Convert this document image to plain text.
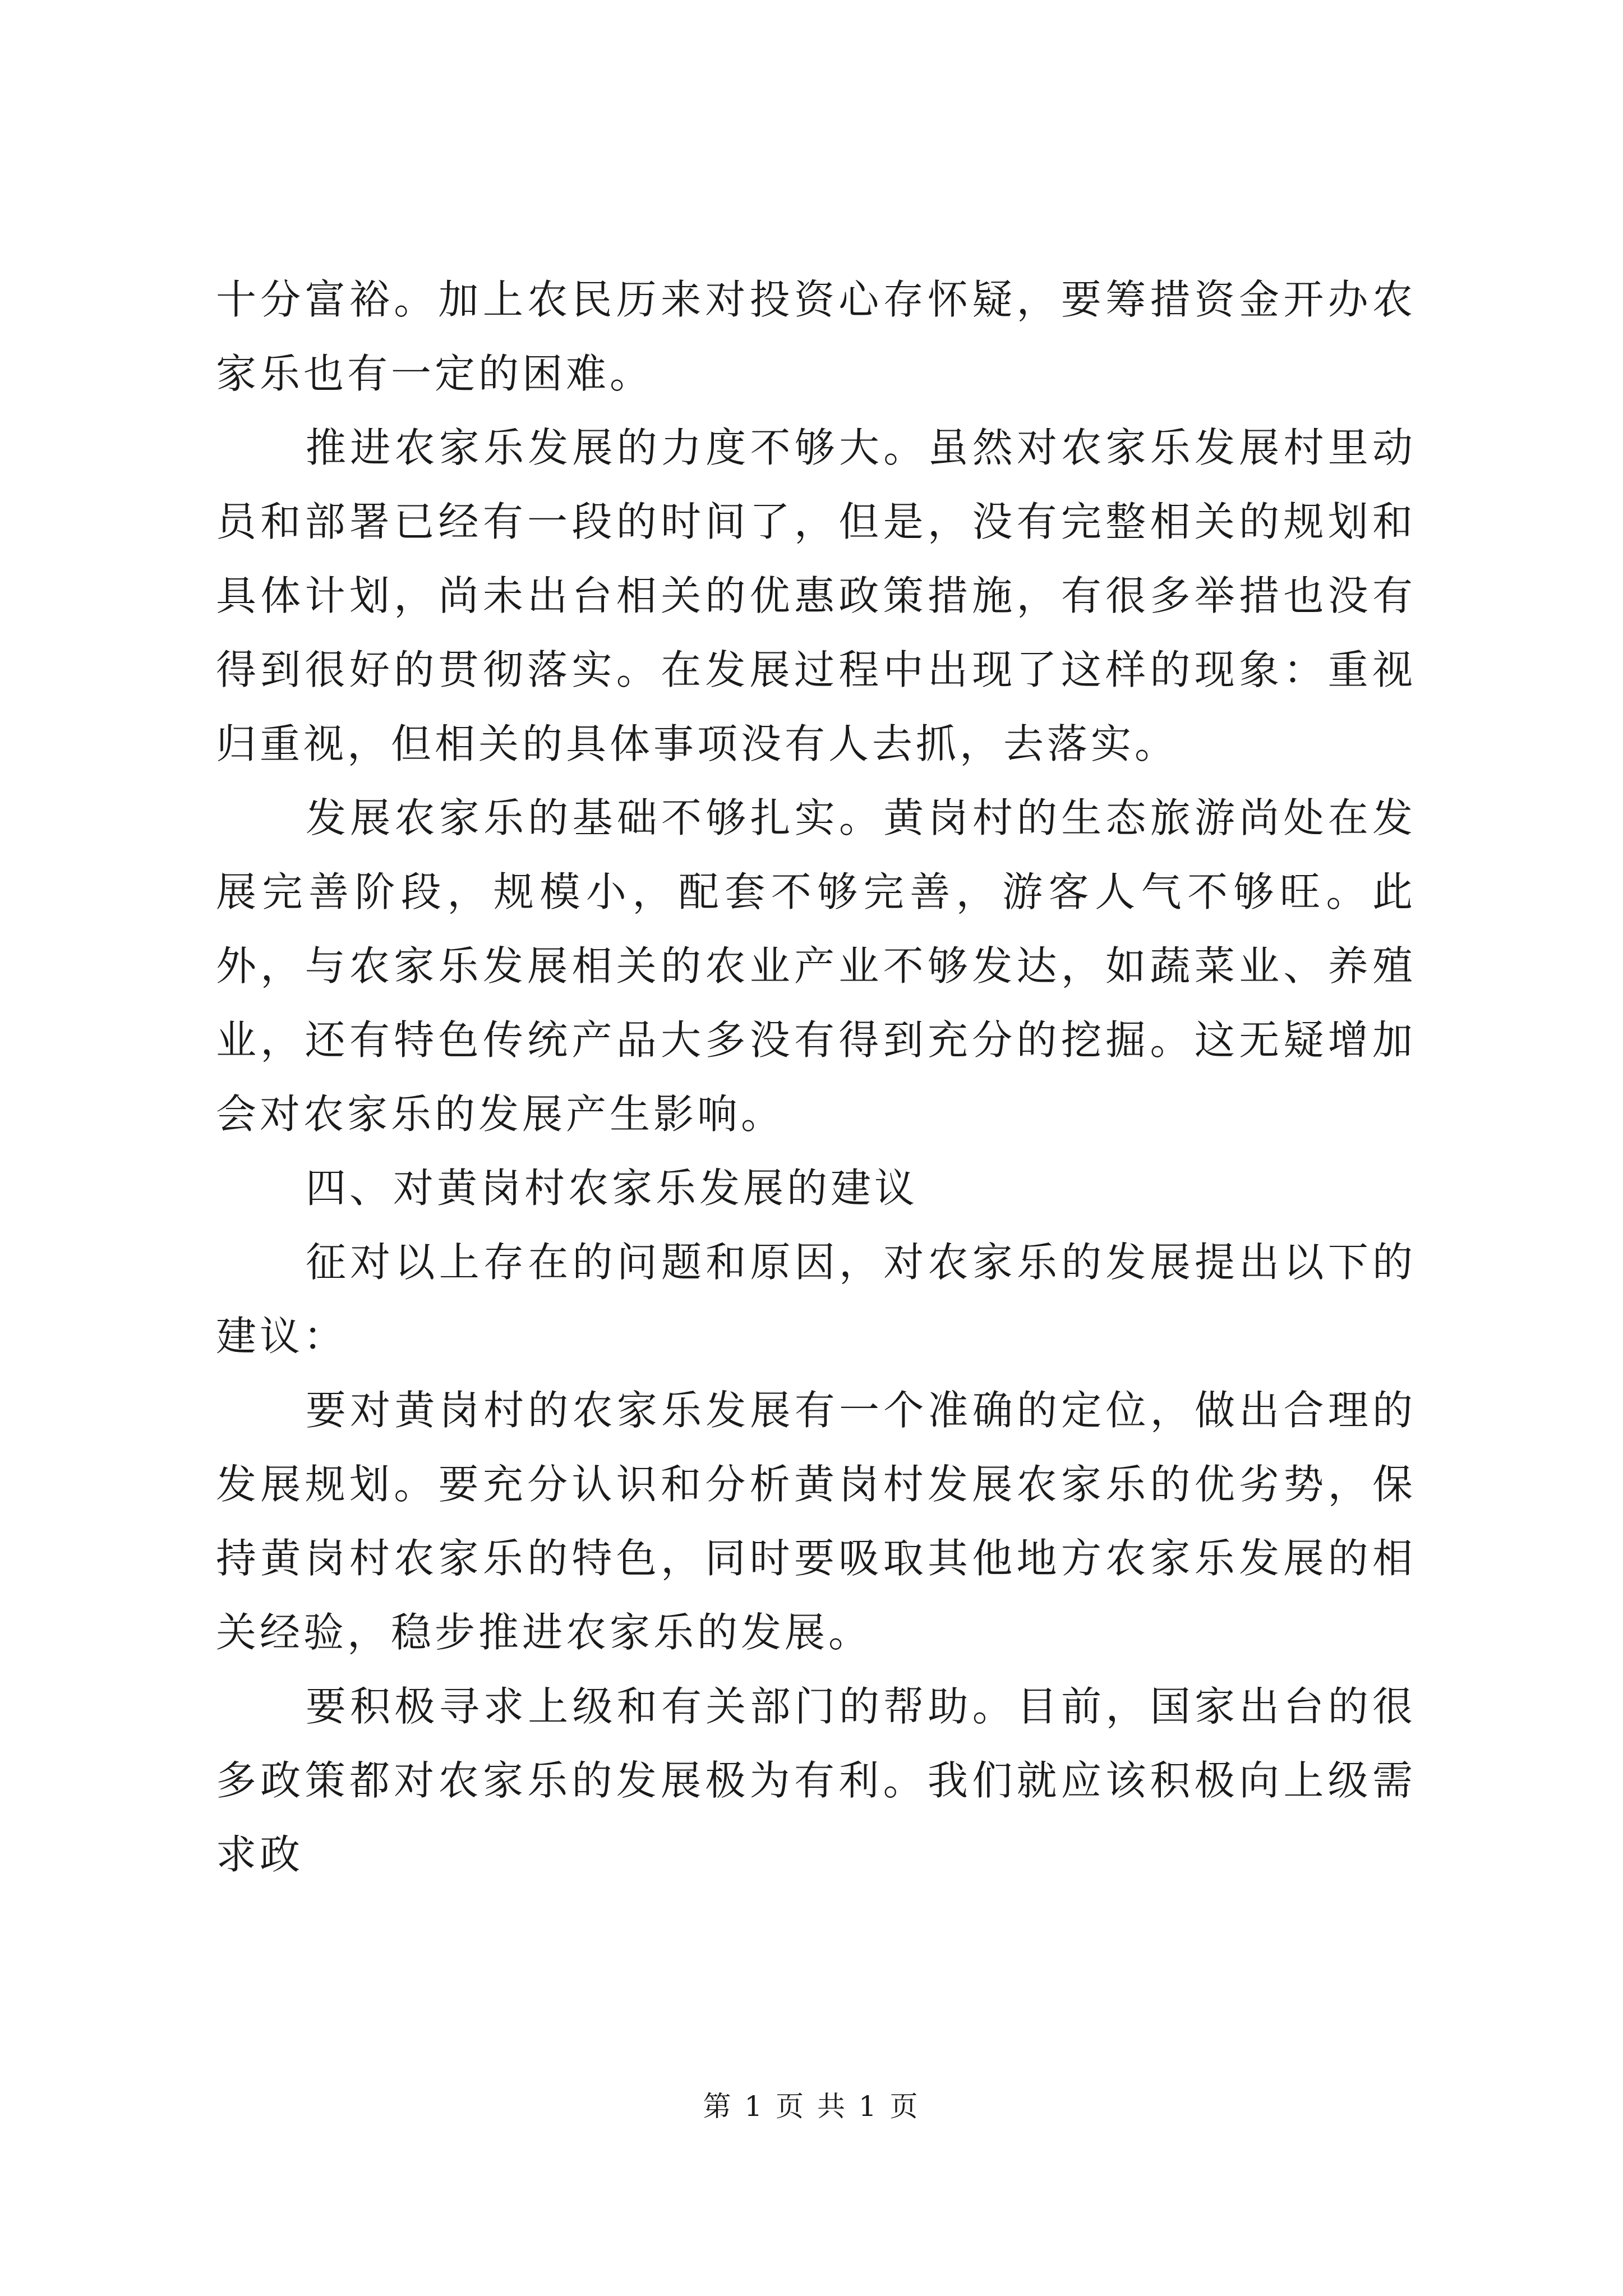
十分富裕。加上农民历来对投资心存怀疑，要筹措资金开办农家乐也有一定的困难。

推进农家乐发展的力度不够大。虽然对农家乐发展村里动员和部署已经有一段的时间了，但是，没有完整相关的规划和具体计划，尚未出台相关的优惠政策措施，有很多举措也没有得到很好的贯彻落实。在发展过程中出现了这样的现象：重视归重视，但相关的具体事项没有人去抓，去落实。

发展农家乐的基础不够扎实。黄岗村的生态旅游尚处在发展完善阶段，规模小，配套不够完善，游客人气不够旺。此外，与农家乐发展相关的农业产业不够发达，如蔬菜业、养殖业，还有特色传统产品大多没有得到充分的挖掘。这无疑增加会对农家乐的发展产生影响。

四、对黄岗村农家乐发展的建议

征对以上存在的问题和原因，对农家乐的发展提出以下的建议：

要对黄岗村的农家乐发展有一个准确的定位，做出合理的发展规划。要充分认识和分析黄岗村发展农家乐的优劣势，保持黄岗村农家乐的特色，同时要吸取其他地方农家乐发展的相关经验，稳步推进农家乐的发展。

要积极寻求上级和有关部门的帮助。目前，国家出台的很多政策都对农家乐的发展极为有利。我们就应该积极向上级需求政

第 1 页 共 1 页
